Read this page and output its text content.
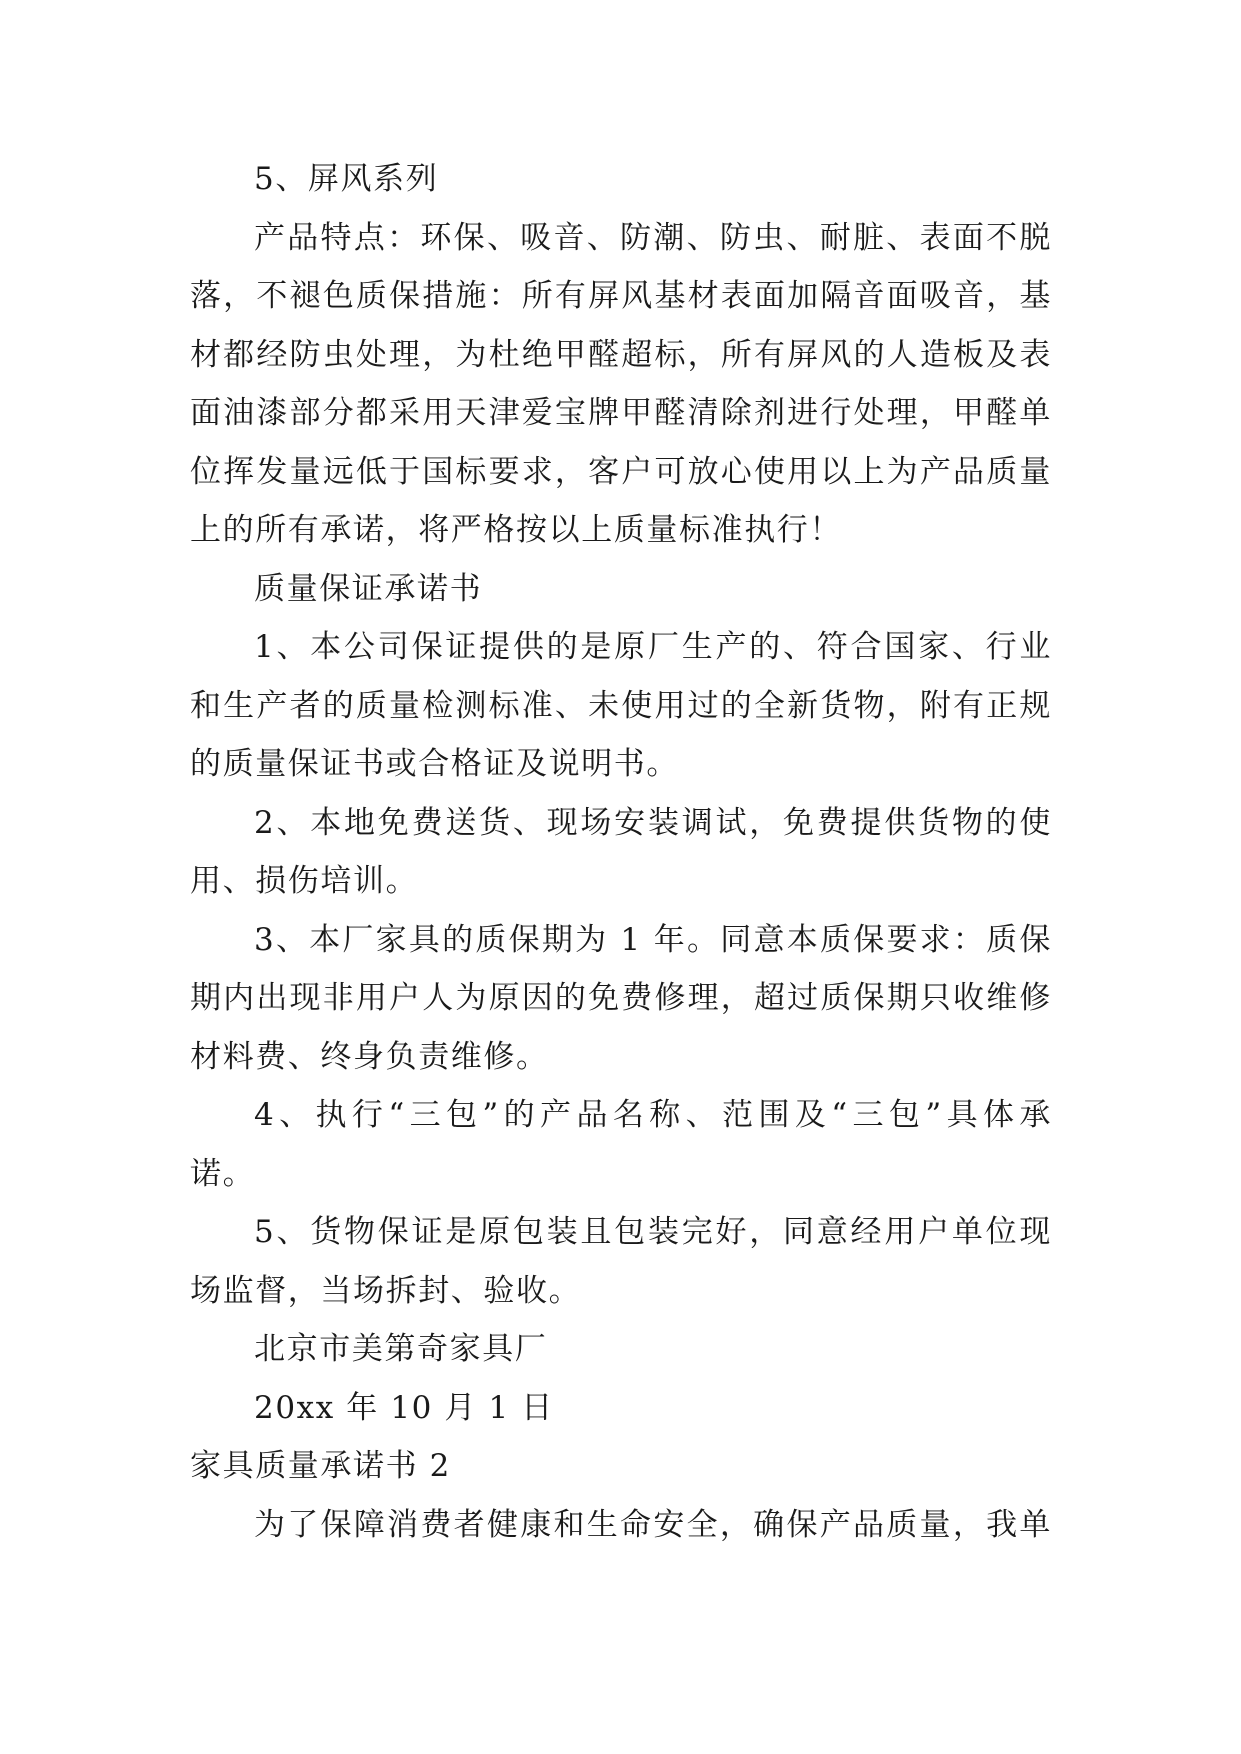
5、屏风系列

产品特点：环保、吸音、防潮、防虫、耐脏、表面不脱
落，不褪色质保措施：所有屏风基材表面加隔音面吸音，基
材都经防虫处理，为杜绝甲醛超标，所有屏风的人造板及表
面油漆部分都采用天津爱宝牌甲醛清除剂进行处理，甲醛单
位挥发量远低于国标要求，客户可放心使用以上为产品质量
上的所有承诺，将严格按以上质量标准执行！

质量保证承诺书

1、本公司保证提供的是原厂生产的、符合国家、行业
和生产者的质量检测标准、未使用过的全新货物，附有正规
的质量保证书或合格证及说明书。

2、本地免费送货、现场安装调试，免费提供货物的使
用、损伤培训。

3、本厂家具的质保期为 1 年。同意本质保要求：质保
期内出现非用户人为原因的免费修理，超过质保期只收维修
材料费、终身负责维修。

4、执行“三包”的产品名称、范围及“三包”具体承
诺。

5、货物保证是原包装且包装完好，同意经用户单位现
场监督，当场拆封、验收。

北京市美第奇家具厂

20xx 年 10 月 1 日

家具质量承诺书 2

为了保障消费者健康和生命安全，确保产品质量，我单
